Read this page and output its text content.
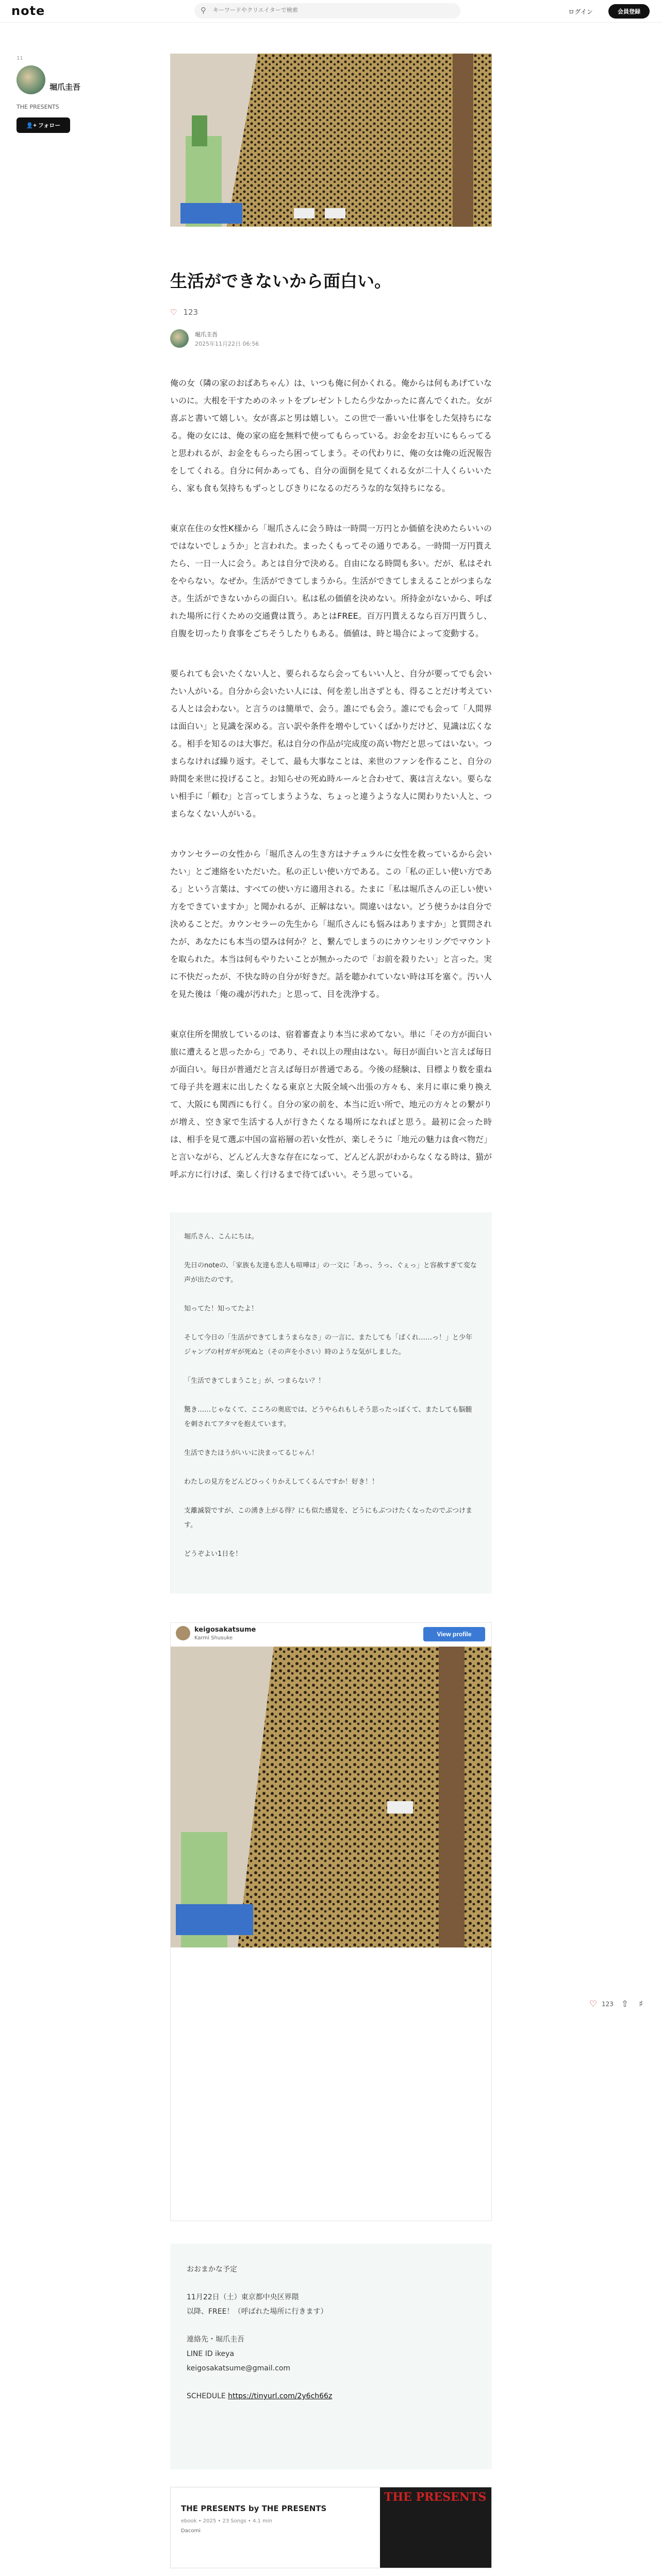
note	⚲
キーワードやクリエイターで検索	ログイン	会員登録
11
堀爪圭吾
THE PRESENTS
👤+ フォロー
生活ができないから面白い。
♡ 123
堀爪圭吾
2025年11月22日 06:56

俺の女（隣の家のおばあちゃん）は、いつも俺に何かくれる。俺からは何もあげていないのに。大根を干すためのネットをプレゼントしたら少なかったに喜んでくれた。女が喜ぶと書いて嬉しい。女が喜ぶと男は嬉しい。この世で一番いい仕事をした気持ちになる。俺の女には、俺の家の庭を無料で使ってもらっている。お金をお互いにもらってると思われるが、お金をもらったら困ってしまう。その代わりに、俺の女は俺の近況報告をしてくれる。自分に何かあっても、自分の面倒を見てくれる女が二十人くらいいたら、家も食も気持ちもずっとしびきりになるのだろうな的な気持ちになる。

東京在住の女性K様から「堀爪さんに会う時は一時間一万円とか価値を決めたらいいのではないでしょうか」と言われた。まったくもってその通りである。一時間一万円貰えたら、一日一人に会う。あとは自分で決める。自由になる時間も多い。だが、私はそれをやらない。なぜか。生活ができてしまうから。生活ができてしまえることがつまらなさ。生活ができないからの面白い。私は私の価値を決めない。所持金がないから、呼ばれた場所に行くための交通費は貰う。あとはFREE。百万円貰えるなら百万円貰うし、自腹を切ったり食事をごちそうしたりもある。価値は、時と場合によって変動する。

要られても会いたくない人と、要られるなら会ってもいい人と、自分が要ってでも会いたい人がいる。自分から会いたい人には、何を差し出さずとも、得ることだけ考えている人とは会わない。と言うのは簡単で、会う。誰にでも会う。誰にでも会って「人間界は面白い」と見識を深める。言い訳や条件を増やしていくばかりだけど、見識は広くなる。相手を知るのは大事だ。私は自分の作品が完成度の高い物だと思ってはいない。つまらなければ繰り返す。そして、最も大事なことは、来世のファンを作ること、自分の時間を来世に投げること。お知らせの死ぬ時ルールと合わせて、裏は言えない。要らない相手に「頼む」と言ってしまうような、ちょっと違うような人に関わりたい人と、つまらなくない人がいる。

カウンセラーの女性から「堀爪さんの生き方はナチュラルに女性を救っているから会いたい」とご連絡をいただいた。私の正しい使い方である。この「私の正しい使い方である」という言葉は、すべての使い方に適用される。たまに「私は堀爪さんの正しい使い方をできていますか」と聞かれるが、正解はない。間違いはない。どう使うかは自分で決めることだ。カウンセラーの先生から「堀爪さんにも悩みはありますか」と質問されたが、あなたにも本当の望みは何か？と、繋んでしまうのにカウンセリングでマウントを取られた。本当は何もやりたいことが無かったので「お前を殺りたい」と言った。実に不快だったが、不快な時の自分が好きだ。話を聴かれていない時は耳を塞ぐ。汚い人を見た後は「俺の魂が汚れた」と思って、目を洗浄する。

東京住所を開放しているのは、宿着審査より本当に求めてない。単に「その方が面白い旅に遭えると思ったから」であり、それ以上の理由はない。毎日が面白いと言えば毎日が面白い。毎日が普通だと言えば毎日が普通である。今後の経験は、目標より数を重ねて母子共を週末に出したくなる東京と大阪全域へ出張の方々も、来月に車に乗り換えて、大阪にも関西にも行く。自分の家の前を、本当に近い所で、地元の方々との繋がりが増え、空き家で生活する人が行きたくなる場所になればと思う。最初に会った時は、相手を見て選ぶ中国の富裕層の若い女性が、楽しそうに「地元の魅力は食べ物だ」と言いながら、どんどん大きな存在になって、どんどん訳がわからなくなる時は、猫が呼ぶ方に行けば、楽しく行けるまで待てばいい。そう思っている。

堀爪さん、こんにちは。

先日のnoteの、「家族も友達も恋人も喧嘩は」の一文に「あっ、うっ、ぐぇっ」と容赦すぎて変な声が出たのです。

知ってた！知ってたよ！

そして今日の「生活ができてしまうまらなさ」の一言に、またしても「ぱくれ……っ！」と少年ジャンプの村ガギが死ぬと（その声を小さい）時のような気がしました。

「生活できてしまうこと」が、つまらない？！

驚き……じゃなくて、こころの奥底では、どうやられもしそう思ったっぽくて、またしても脳髄を刺されてアタマを抱えています。

生活できたほうがいいに決まってるじゃん！

わたしの見方をどんどひっくりかえしてくるんですか！好き！！

支離滅裂ですが、この湧き上がる得？にも似た感覚を、どうにもぶつけたくなったのでぶつけます。

どうぞよい1日を！

keigosakatsume
Karmi Shusuke
View profile

おおまかな予定

11月22日（土）東京都中央区界隈
以降、FREE！（呼ばれた場所に行きます）

連絡先・堀爪圭吾
LINE ID ikeya
keigosakatsume@gmail.com

SCHEDULE https://tinyurl.com/2y6ch66z

THE PRESENTS by THE PRESENTS
ebook • 2025 • 23 Songs • 4.1 min
Dacomi
THE PRESENTS
♡ 123 ⇧ ♯
